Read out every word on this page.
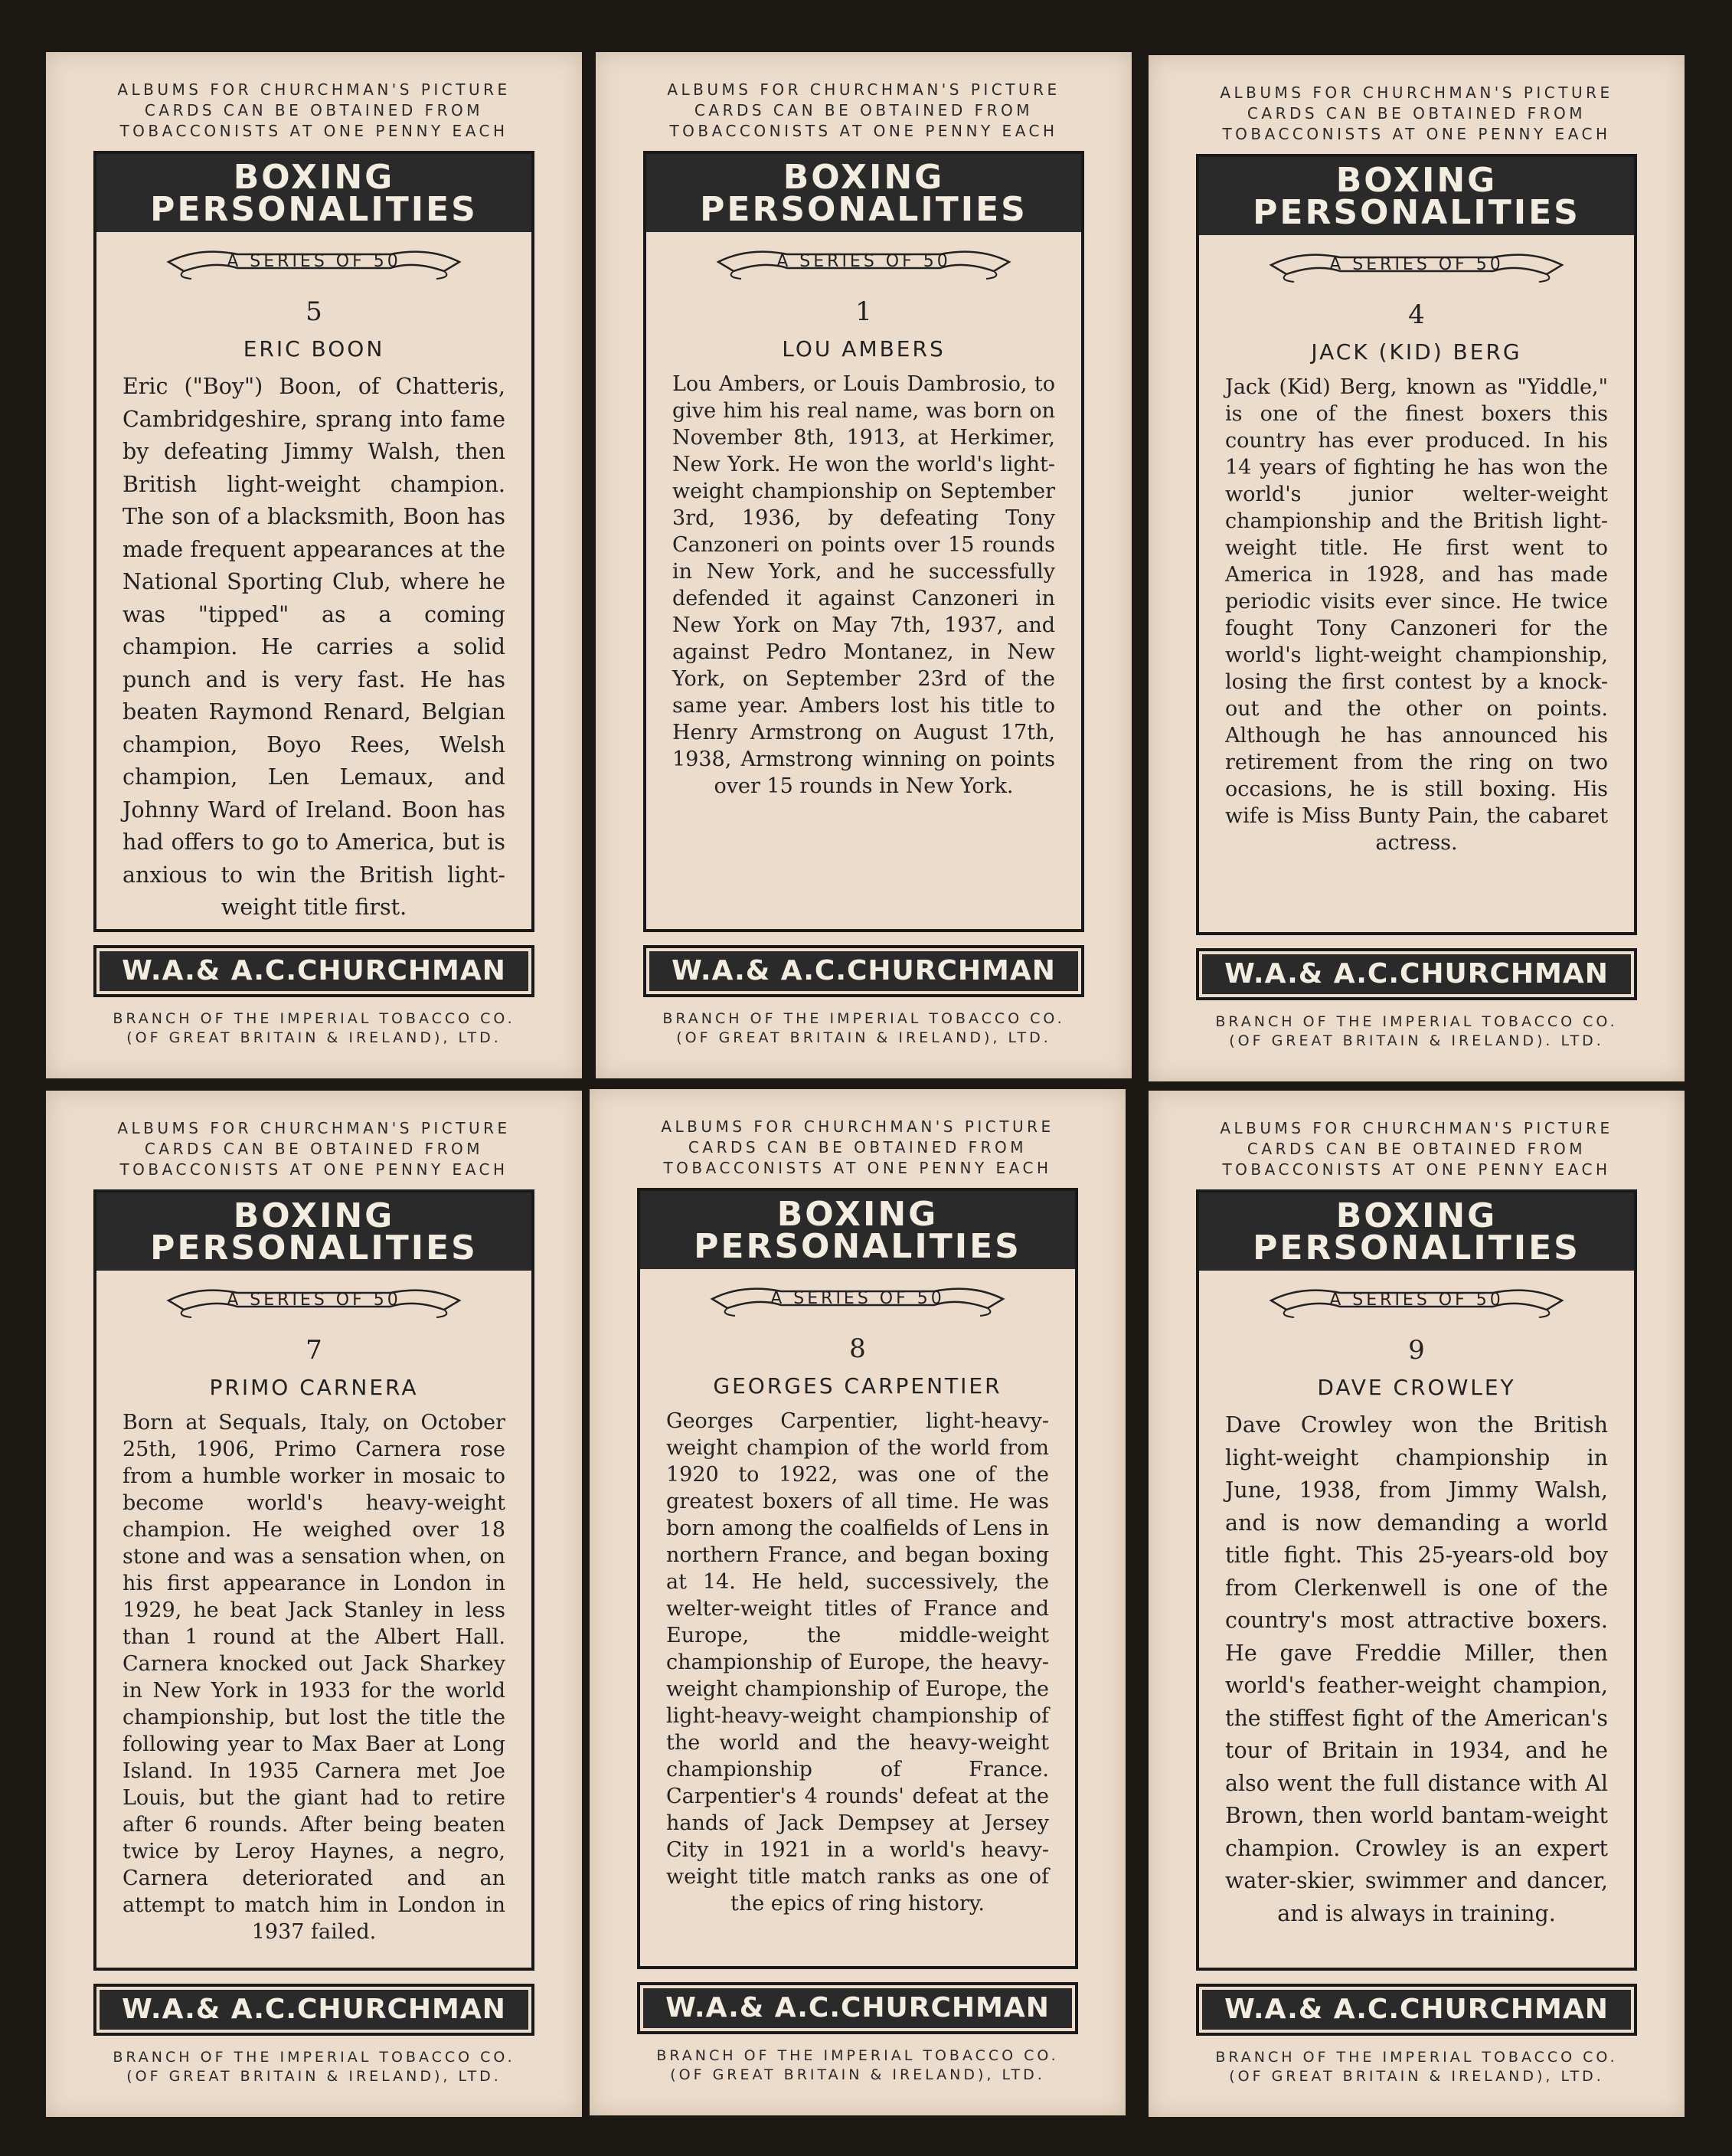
ALBUMS FOR CHURCHMAN'S PICTURE
CARDS CAN BE OBTAINED FROM
TOBACCONISTS AT ONE PENNY EACH
BOXING
PERSONALITIES
A SERIES OF 50
5
ERIC BOON
Eric ("Boy") Boon, of Chatteris, Cambridgeshire, sprang into fame by defeating Jimmy Walsh, then British light-weight champion. The son of a blacksmith, Boon has made frequent appearances at the National Sporting Club, where he was "tipped" as a coming champion. He carries a solid punch and is very fast. He has beaten Raymond Renard, Belgian champion, Boyo Rees, Welsh champion, Len Lemaux, and Johnny Ward of Ireland. Boon has had offers to go to America, but is anxious to win the British light-weight title first.
W.A.& A.C.CHURCHMAN
BRANCH OF THE IMPERIAL TOBACCO CO.
(OF GREAT BRITAIN & IRELAND), LTD.
ALBUMS FOR CHURCHMAN'S PICTURE
CARDS CAN BE OBTAINED FROM
TOBACCONISTS AT ONE PENNY EACH
BOXING
PERSONALITIES
A SERIES OF 50
1
LOU AMBERS
Lou Ambers, or Louis Dambrosio, to give him his real name, was born on November 8th, 1913, at Herkimer, New York. He won the world's light-weight championship on September 3rd, 1936, by defeating Tony Canzoneri on points over 15 rounds in New York, and he successfully defended it against Canzoneri in New York on May 7th, 1937, and against Pedro Montanez, in New York, on September 23rd of the same year. Ambers lost his title to Henry Armstrong on August 17th, 1938, Armstrong winning on points over 15 rounds in New York.
W.A.& A.C.CHURCHMAN
BRANCH OF THE IMPERIAL TOBACCO CO.
(OF GREAT BRITAIN & IRELAND), LTD.
ALBUMS FOR CHURCHMAN'S PICTURE
CARDS CAN BE OBTAINED FROM
TOBACCONISTS AT ONE PENNY EACH
BOXING
PERSONALITIES
A SERIES OF 50
4
JACK (KID) BERG
Jack (Kid) Berg, known as "Yiddle," is one of the finest boxers this country has ever produced. In his 14 years of fighting he has won the world's junior welter-weight championship and the British light-weight title. He first went to America in 1928, and has made periodic visits ever since. He twice fought Tony Canzoneri for the world's light-weight championship, losing the first contest by a knock-out and the other on points. Although he has announced his retirement from the ring on two occasions, he is still boxing. His wife is Miss Bunty Pain, the cabaret actress.
W.A.& A.C.CHURCHMAN
BRANCH OF THE IMPERIAL TOBACCO CO.
(OF GREAT BRITAIN & IRELAND). LTD.
ALBUMS FOR CHURCHMAN'S PICTURE
CARDS CAN BE OBTAINED FROM
TOBACCONISTS AT ONE PENNY EACH
BOXING
PERSONALITIES
A SERIES OF 50
7
PRIMO CARNERA
Born at Sequals, Italy, on October 25th, 1906, Primo Carnera rose from a humble worker in mosaic to become world's heavy-weight champion. He weighed over 18 stone and was a sensation when, on his first appearance in London in 1929, he beat Jack Stanley in less than 1 round at the Albert Hall. Carnera knocked out Jack Sharkey in New York in 1933 for the world championship, but lost the title the following year to Max Baer at Long Island. In 1935 Carnera met Joe Louis, but the giant had to retire after 6 rounds. After being beaten twice by Leroy Haynes, a negro, Carnera deteriorated and an attempt to match him in London in 1937 failed.
W.A.& A.C.CHURCHMAN
BRANCH OF THE IMPERIAL TOBACCO CO.
(OF GREAT BRITAIN & IRELAND), LTD.
ALBUMS FOR CHURCHMAN'S PICTURE
CARDS CAN BE OBTAINED FROM
TOBACCONISTS AT ONE PENNY EACH
BOXING
PERSONALITIES
A SERIES OF 50
8
GEORGES CARPENTIER
Georges Carpentier, light-heavy-weight champion of the world from 1920 to 1922, was one of the greatest boxers of all time. He was born among the coalfields of Lens in northern France, and began boxing at 14. He held, successively, the welter-weight titles of France and Europe, the middle-weight championship of Europe, the heavy-weight championship of Europe, the light-heavy-weight championship of the world and the heavy-weight championship of France. Carpentier's 4 rounds' defeat at the hands of Jack Dempsey at Jersey City in 1921 in a world's heavy-weight title match ranks as one of the epics of ring history.
W.A.& A.C.CHURCHMAN
BRANCH OF THE IMPERIAL TOBACCO CO.
(OF GREAT BRITAIN & IRELAND), LTD.
ALBUMS FOR CHURCHMAN'S PICTURE
CARDS CAN BE OBTAINED FROM
TOBACCONISTS AT ONE PENNY EACH
BOXING
PERSONALITIES
A SERIES OF 50
9
DAVE CROWLEY
Dave Crowley won the British light-weight championship in June, 1938, from Jimmy Walsh, and is now demanding a world title fight. This 25-years-old boy from Clerkenwell is one of the country's most attractive boxers. He gave Freddie Miller, then world's feather-weight champion, the stiffest fight of the American's tour of Britain in 1934, and he also went the full distance with Al Brown, then world bantam-weight champion. Crowley is an expert water-skier, swimmer and dancer, and is always in training.
W.A.& A.C.CHURCHMAN
BRANCH OF THE IMPERIAL TOBACCO CO.
(OF GREAT BRITAIN & IRELAND), LTD.
